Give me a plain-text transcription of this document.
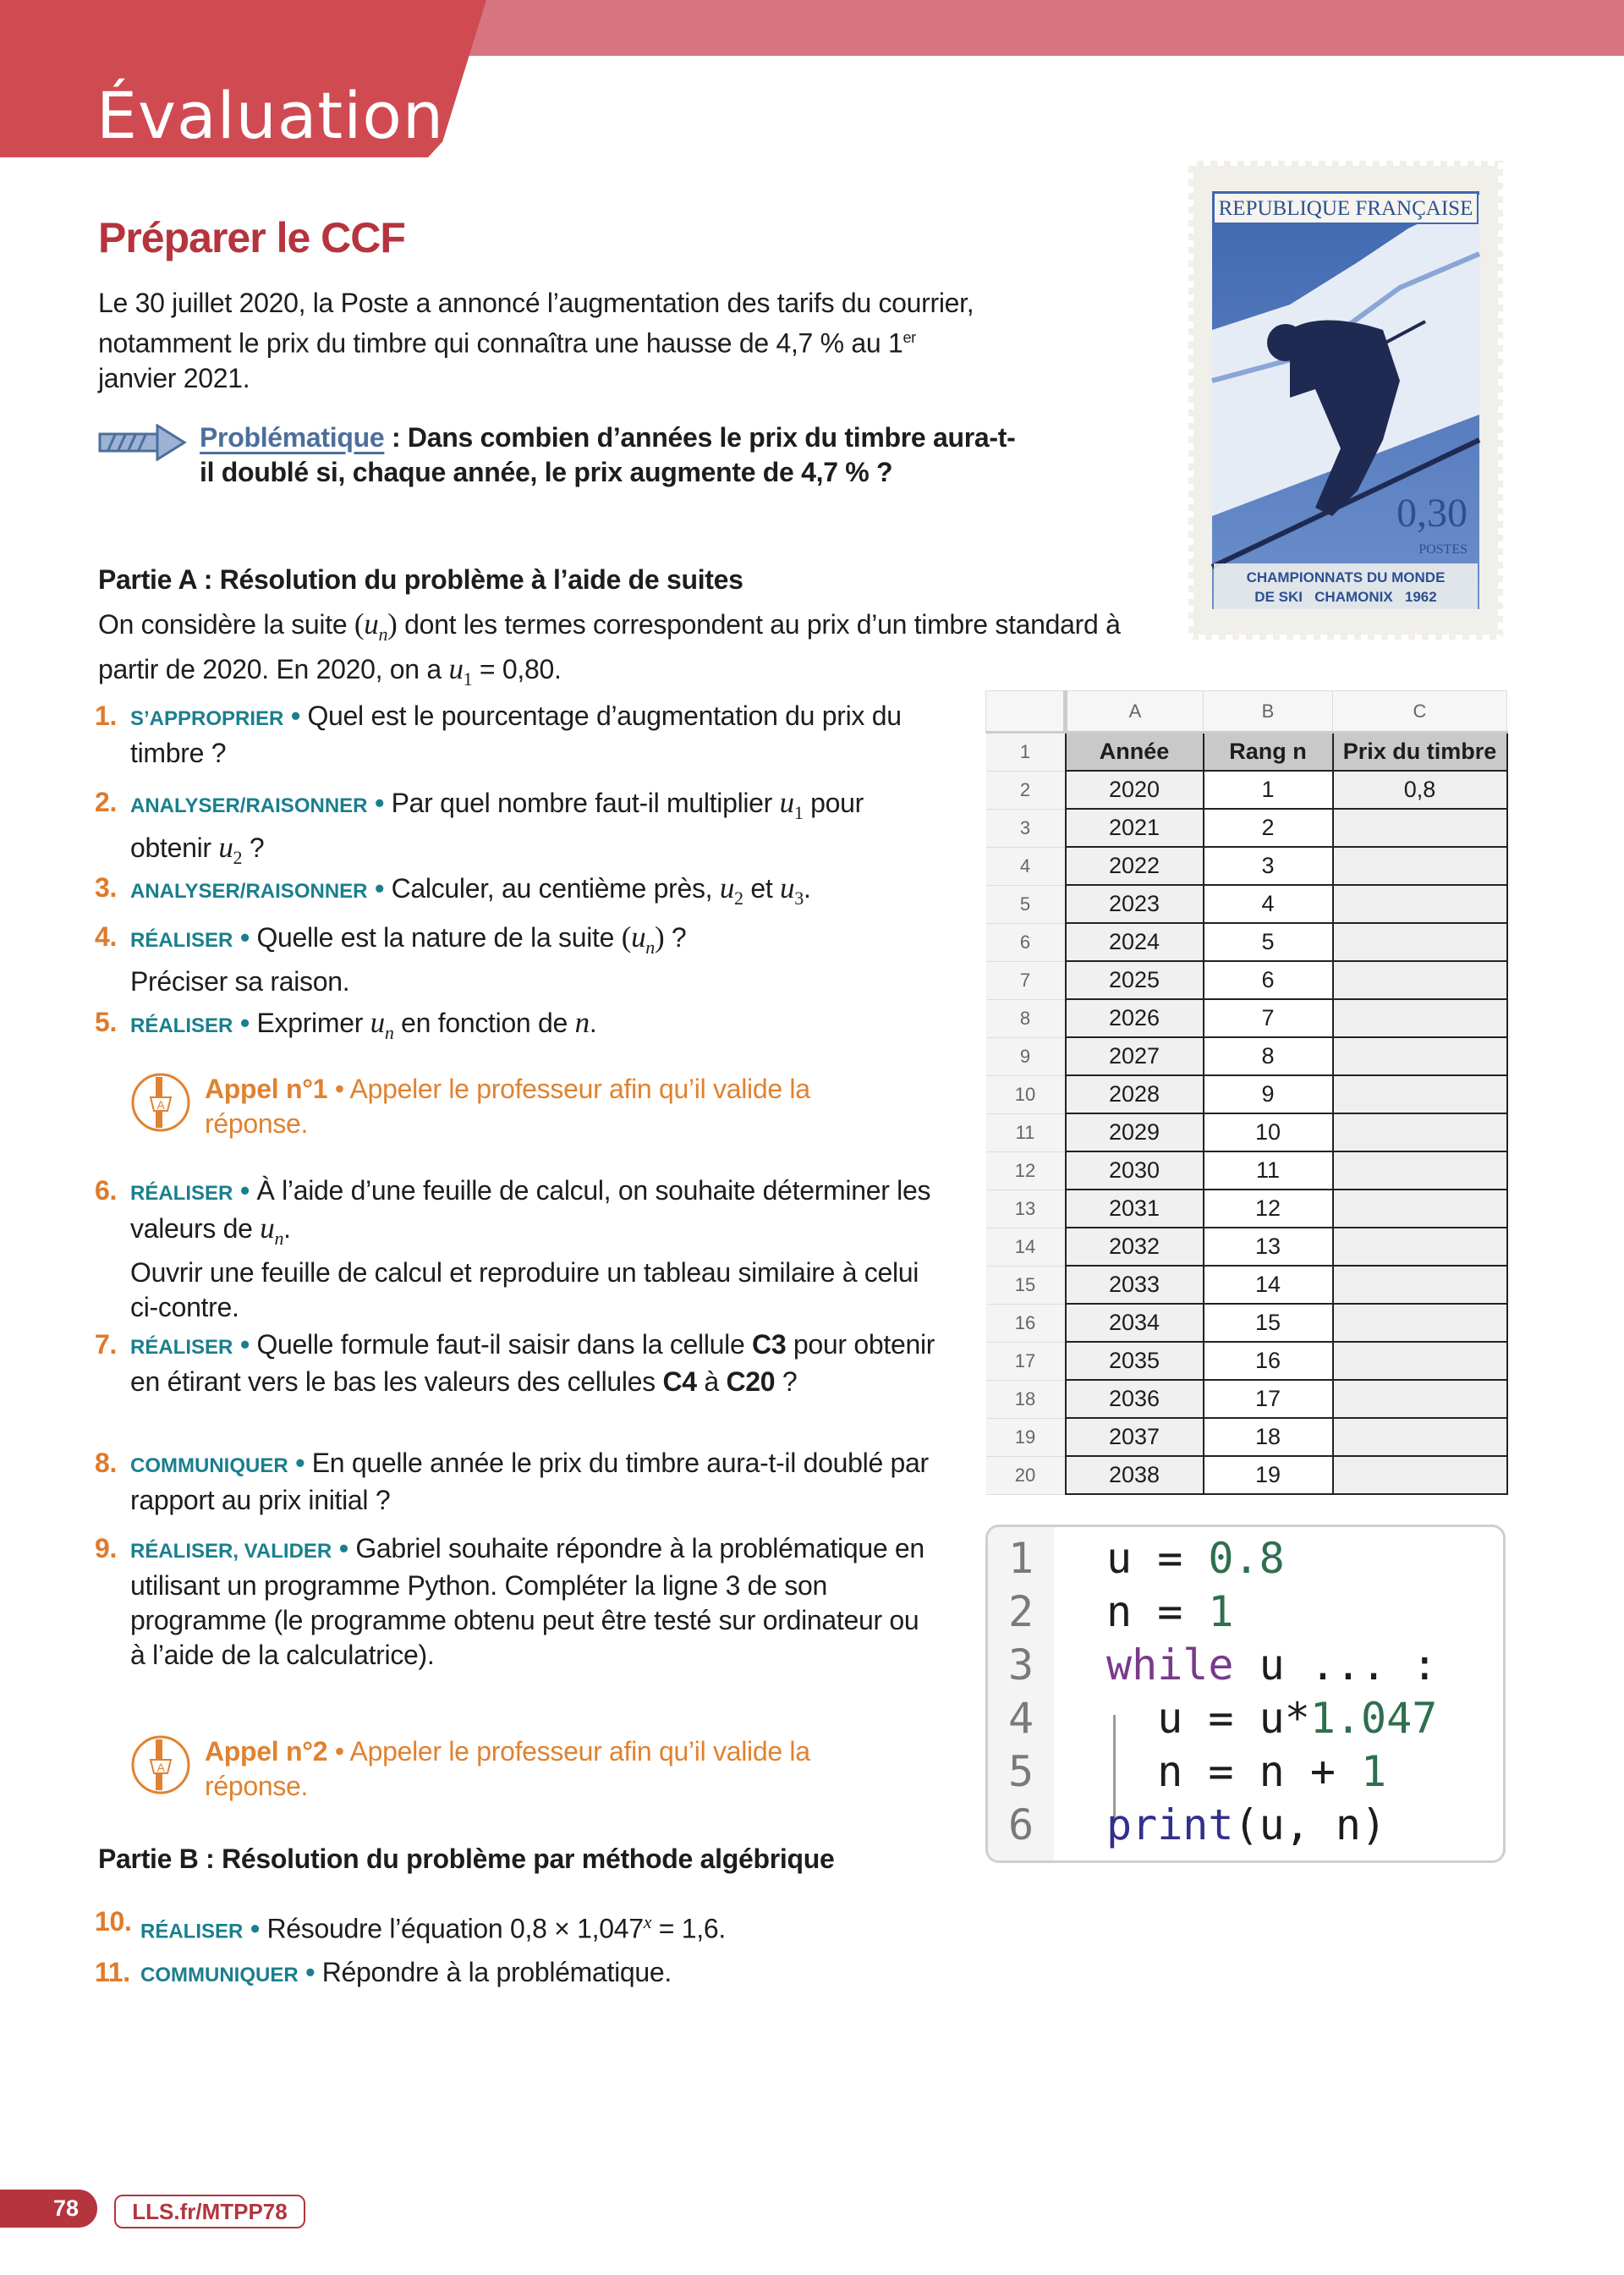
Évaluation
Préparer le CCF
Le 30 juillet 2020, la Poste a annoncé l’augmentation des tarifs du courrier, notamment le prix du timbre qui connaîtra une hausse de 4,7 % au 1er janvier 2021.
Problématique : Dans combien d’années le prix du timbre aura-t-il doublé si, chaque année, le prix augmente de 4,7 % ?
REPUBLIQUE FRANÇAISE
0,30
POSTES
CHAMPIONNATS DU MONDE
DE SKI   CHAMONIX   1962
Partie A : Résolution du problème à l’aide de suites
On considère la suite $(u_n)$ dont les termes correspondent au prix d’un timbre standard à partir de 2020. En 2020, on a $u_1 = 0,80$.
1. S’APPROPRIER • Quel est le pourcentage d’augmentation du prix du timbre ?
2. ANALYSER/RAISONNER • Par quel nombre faut-il multiplier $u_1$ pour obtenir $u_2$ ?
3. ANALYSER/RAISONNER • Calculer, au centième près, $u_2$ et $u_3$.
4. RÉALISER • Quelle est la nature de la suite $(u_n)$ ?
Préciser sa raison.
5. RÉALISER • Exprimer $u_n$ en fonction de n.
A
Appel n°1 • Appeler le professeur afin qu’il valide la réponse.
6. RÉALISER • À l’aide d’une feuille de calcul, on souhaite déterminer les valeurs de $u_n$.
Ouvrir une feuille de calcul et reproduire un tableau similaire à celui ci-contre.
7. RÉALISER • Quelle formule faut-il saisir dans la cellule C3 pour obtenir en étirant vers le bas les valeurs des cellules C4 à C20 ?
8. COMMUNIQUER • En quelle année le prix du timbre aura-t-il doublé par rapport au prix initial ?
9. RÉALISER, VALIDER • Gabriel souhaite répondre à la problématique en utilisant un programme Python. Compléter la ligne 3 de son programme (le programme obtenu peut être testé sur ordinateur ou à l’aide de la calculatrice).
A
Appel n°2 • Appeler le professeur afin qu’il valide la réponse.
Partie B : Résolution du problème par méthode algébrique
10. RÉALISER • Résoudre l’équation $0,8 \times 1,047^x = 1,6$.
11. COMMUNIQUER • Répondre à la problématique.
	A	B	C
1	Année	Rang n	Prix du timbre
2	2020	1	0,8
3	2021	2	
4	2022	3	
5	2023	4	
6	2024	5	
7	2025	6	
8	2026	7	
9	2027	8	
10	2028	9	
11	2029	10	
12	2030	11	
13	2031	12	
14	2032	13	
15	2033	14	
16	2034	15	
17	2035	16	
18	2036	17	
19	2037	18	
20	2038	19	
1
2
3
4
5
6
u = 0.8
n = 1
while u ... :
u = u*1.047
n = n + 1
print(u, n)
78	LLS.fr/MTPP78
